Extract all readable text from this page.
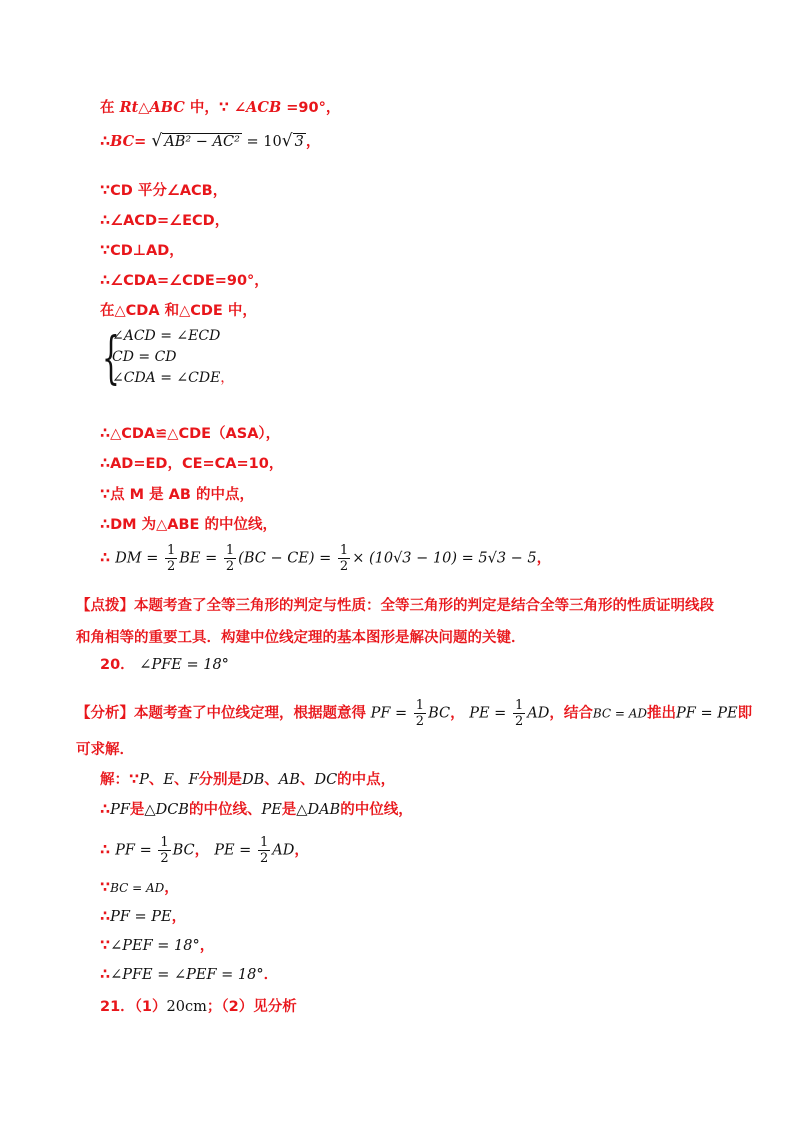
在 Rt△ABC 中，∵ ∠ACB =90°，
∴BC= √ AB² − AC² = 10√ 3 ，
∵CD 平分∠ACB，
∴∠ACD=∠ECD，
∵CD⊥AD，
∴∠CDA=∠CDE=90°，
在△CDA 和△CDE 中，
{
∠ACD = ∠ECD
CD = CD
∠CDA = ∠CDE，
∴△CDA≌△CDE（ASA），
∴AD=ED，CE=CA=10，
∵点 M 是 AB 的中点，
∴DM 为△ABE 的中位线，
∴ DM = $\frac{1}{2}$ BE = $\frac{1}{2} (BC - CE) = \frac{1}{2} \times (10√3 - 10) = 5√3 - 5$，
【点拨】本题考查了全等三角形的判定与性质：全等三角形的判定是结合全等三角形的性质证明线段
和角相等的重要工具．构建中位线定理的基本图形是解决问题的关键．
20． ∠PFE = 18°
【分析】本题考查了中位线定理，根据题意得 PF = $\frac{1}{2}$ BC， PE = $\frac{1}{2}$ AD，结合BC = AD推出PF = PE即
可求解．
解：∵P、E、F分别是DB、AB、DC的中点，
∴PF是△DCB的中位线、PE是△DAB的中位线，
∴ PF = $\frac{1}{2}$ BC， PE = $\frac{1}{2}$ AD，
∵BC = AD，
∴PF = PE，
∵∠PEF = 18°，
∴∠PFE = ∠PEF = 18°．
21．（1）20cm；（2）见分析
